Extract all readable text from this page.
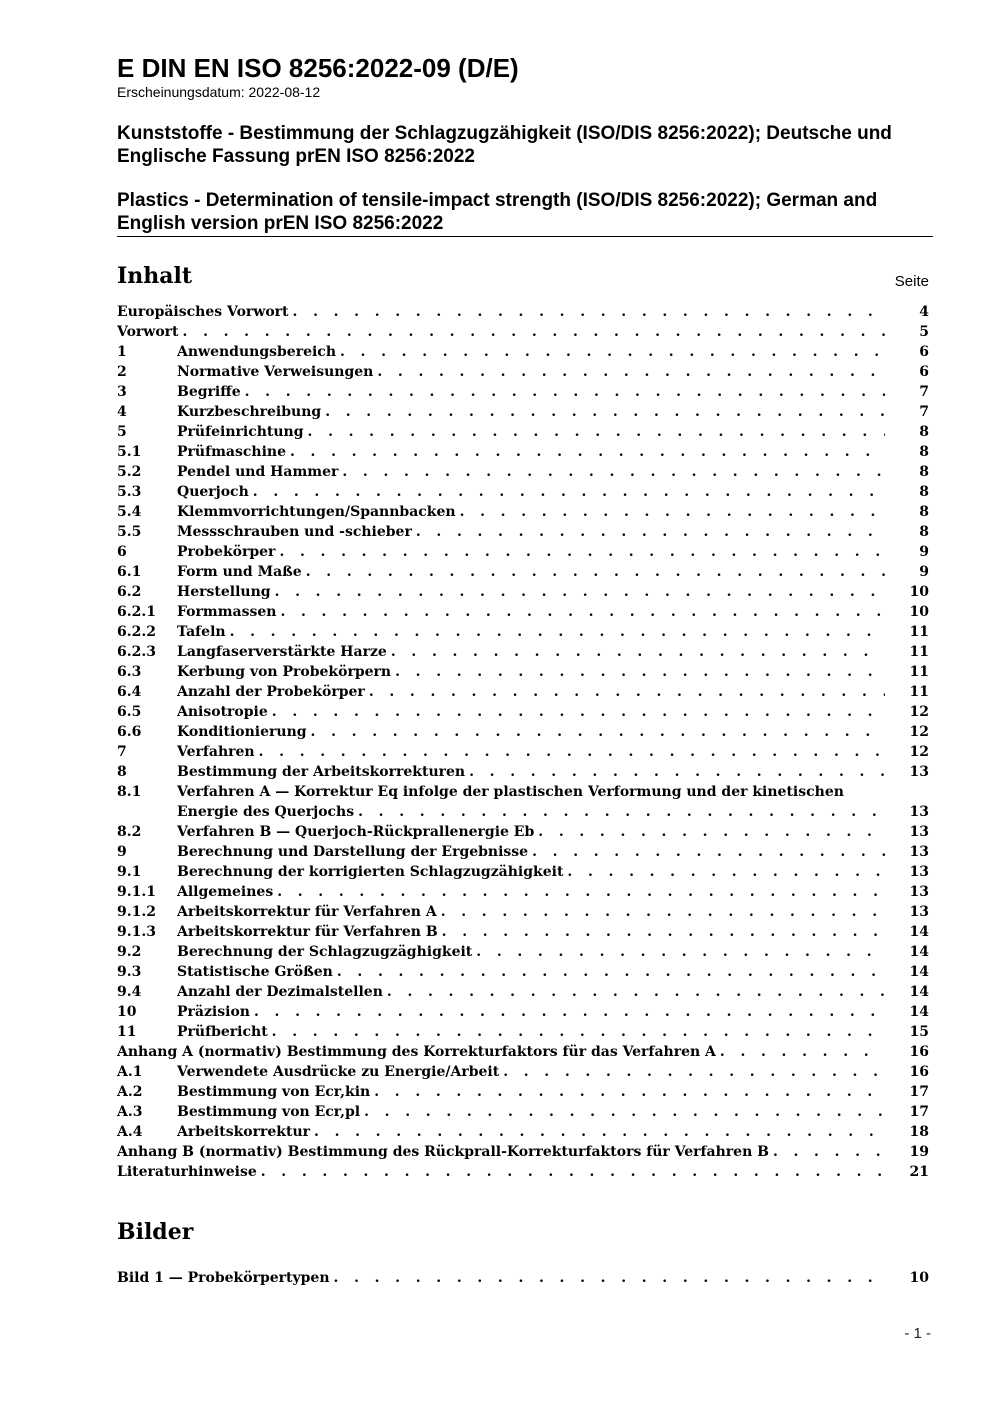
E DIN EN ISO 8256:2022-09 (D/E)
Erscheinungsdatum: 2022-08-12
Kunststoffe - Bestimmung der Schlagzugzähigkeit (ISO/DIS 8256:2022); Deutsche und Englische Fassung prEN ISO 8256:2022
Plastics - Determination of tensile-impact strength (ISO/DIS 8256:2022); German and English version prEN ISO 8256:2022
Inhalt	Seite
Europäisches Vorwort . . .	4
Vorwort . . .	5
1	Anwendungsbereich . . .	6
2	Normative Verweisungen . . .	6
3	Begriffe . . .	7
4	Kurzbeschreibung . . .	7
5	Prüfeinrichtung . . .	8
5.1	Prüfmaschine . . .	8
5.2	Pendel und Hammer . . .	8
5.3	Querjoch . . .	8
5.4	Klemmvorrichtungen/Spannbacken . . .	8
5.5	Messschrauben und -schieber . . .	8
6	Probekörper . . .	9
6.1	Form und Maße . . .	9
6.2	Herstellung . . .	10
6.2.1 Formmassen . . .	10
6.2.2 Tafeln . . .	11
6.2.3 Langfaserverstärkte Harze . . .	11
6.3	Kerbung von Probekörpern . . .	11
6.4	Anzahl der Probekörper . . .	11
6.5	Anisotropie . . .	12
6.6	Konditionierung . . .	12
7	Verfahren . . .	12
8	Bestimmung der Arbeitskorrekturen . . .	13
8.1	Verfahren A — Korrektur Eq infolge der plastischen Verformung und der kinetischen
Energie des Querjochs . . .	13
8.2	Verfahren B — Querjoch-Rückprallenergie Eb . . .	13
9	Berechnung und Darstellung der Ergebnisse . . .	13
9.1	Berechnung der korrigierten Schlagzugzähigkeit . . .	13
9.1.1 Allgemeines . . .	13
9.1.2 Arbeitskorrektur für Verfahren A . . .	13
9.1.3 Arbeitskorrektur für Verfahren B . . .	14
9.2	Berechnung der Schlagzugzäghigkeit . . .	14
9.3	Statistische Größen . . .	14
9.4	Anzahl der Dezimalstellen . . .	14
10	Präzision . . .	14
11	Prüfbericht . . .	15
Anhang A (normativ) Bestimmung des Korrekturfaktors für das Verfahren A . . .	16
A.1 Verwendete Ausdrücke zu Energie/Arbeit . . .	16
A.2 Bestimmung von Ecr,kin . . .	17
A.3 Bestimmung von Ecr,pl . . .	17
A.4 Arbeitskorrektur . . .	18
Anhang B (normativ) Bestimmung des Rückprall-Korrekturfaktors für Verfahren B . . .	19
Literaturhinweise . . .	21
Bilder
Bild 1 — Probekörpertypen . . .	10
- 1 -
